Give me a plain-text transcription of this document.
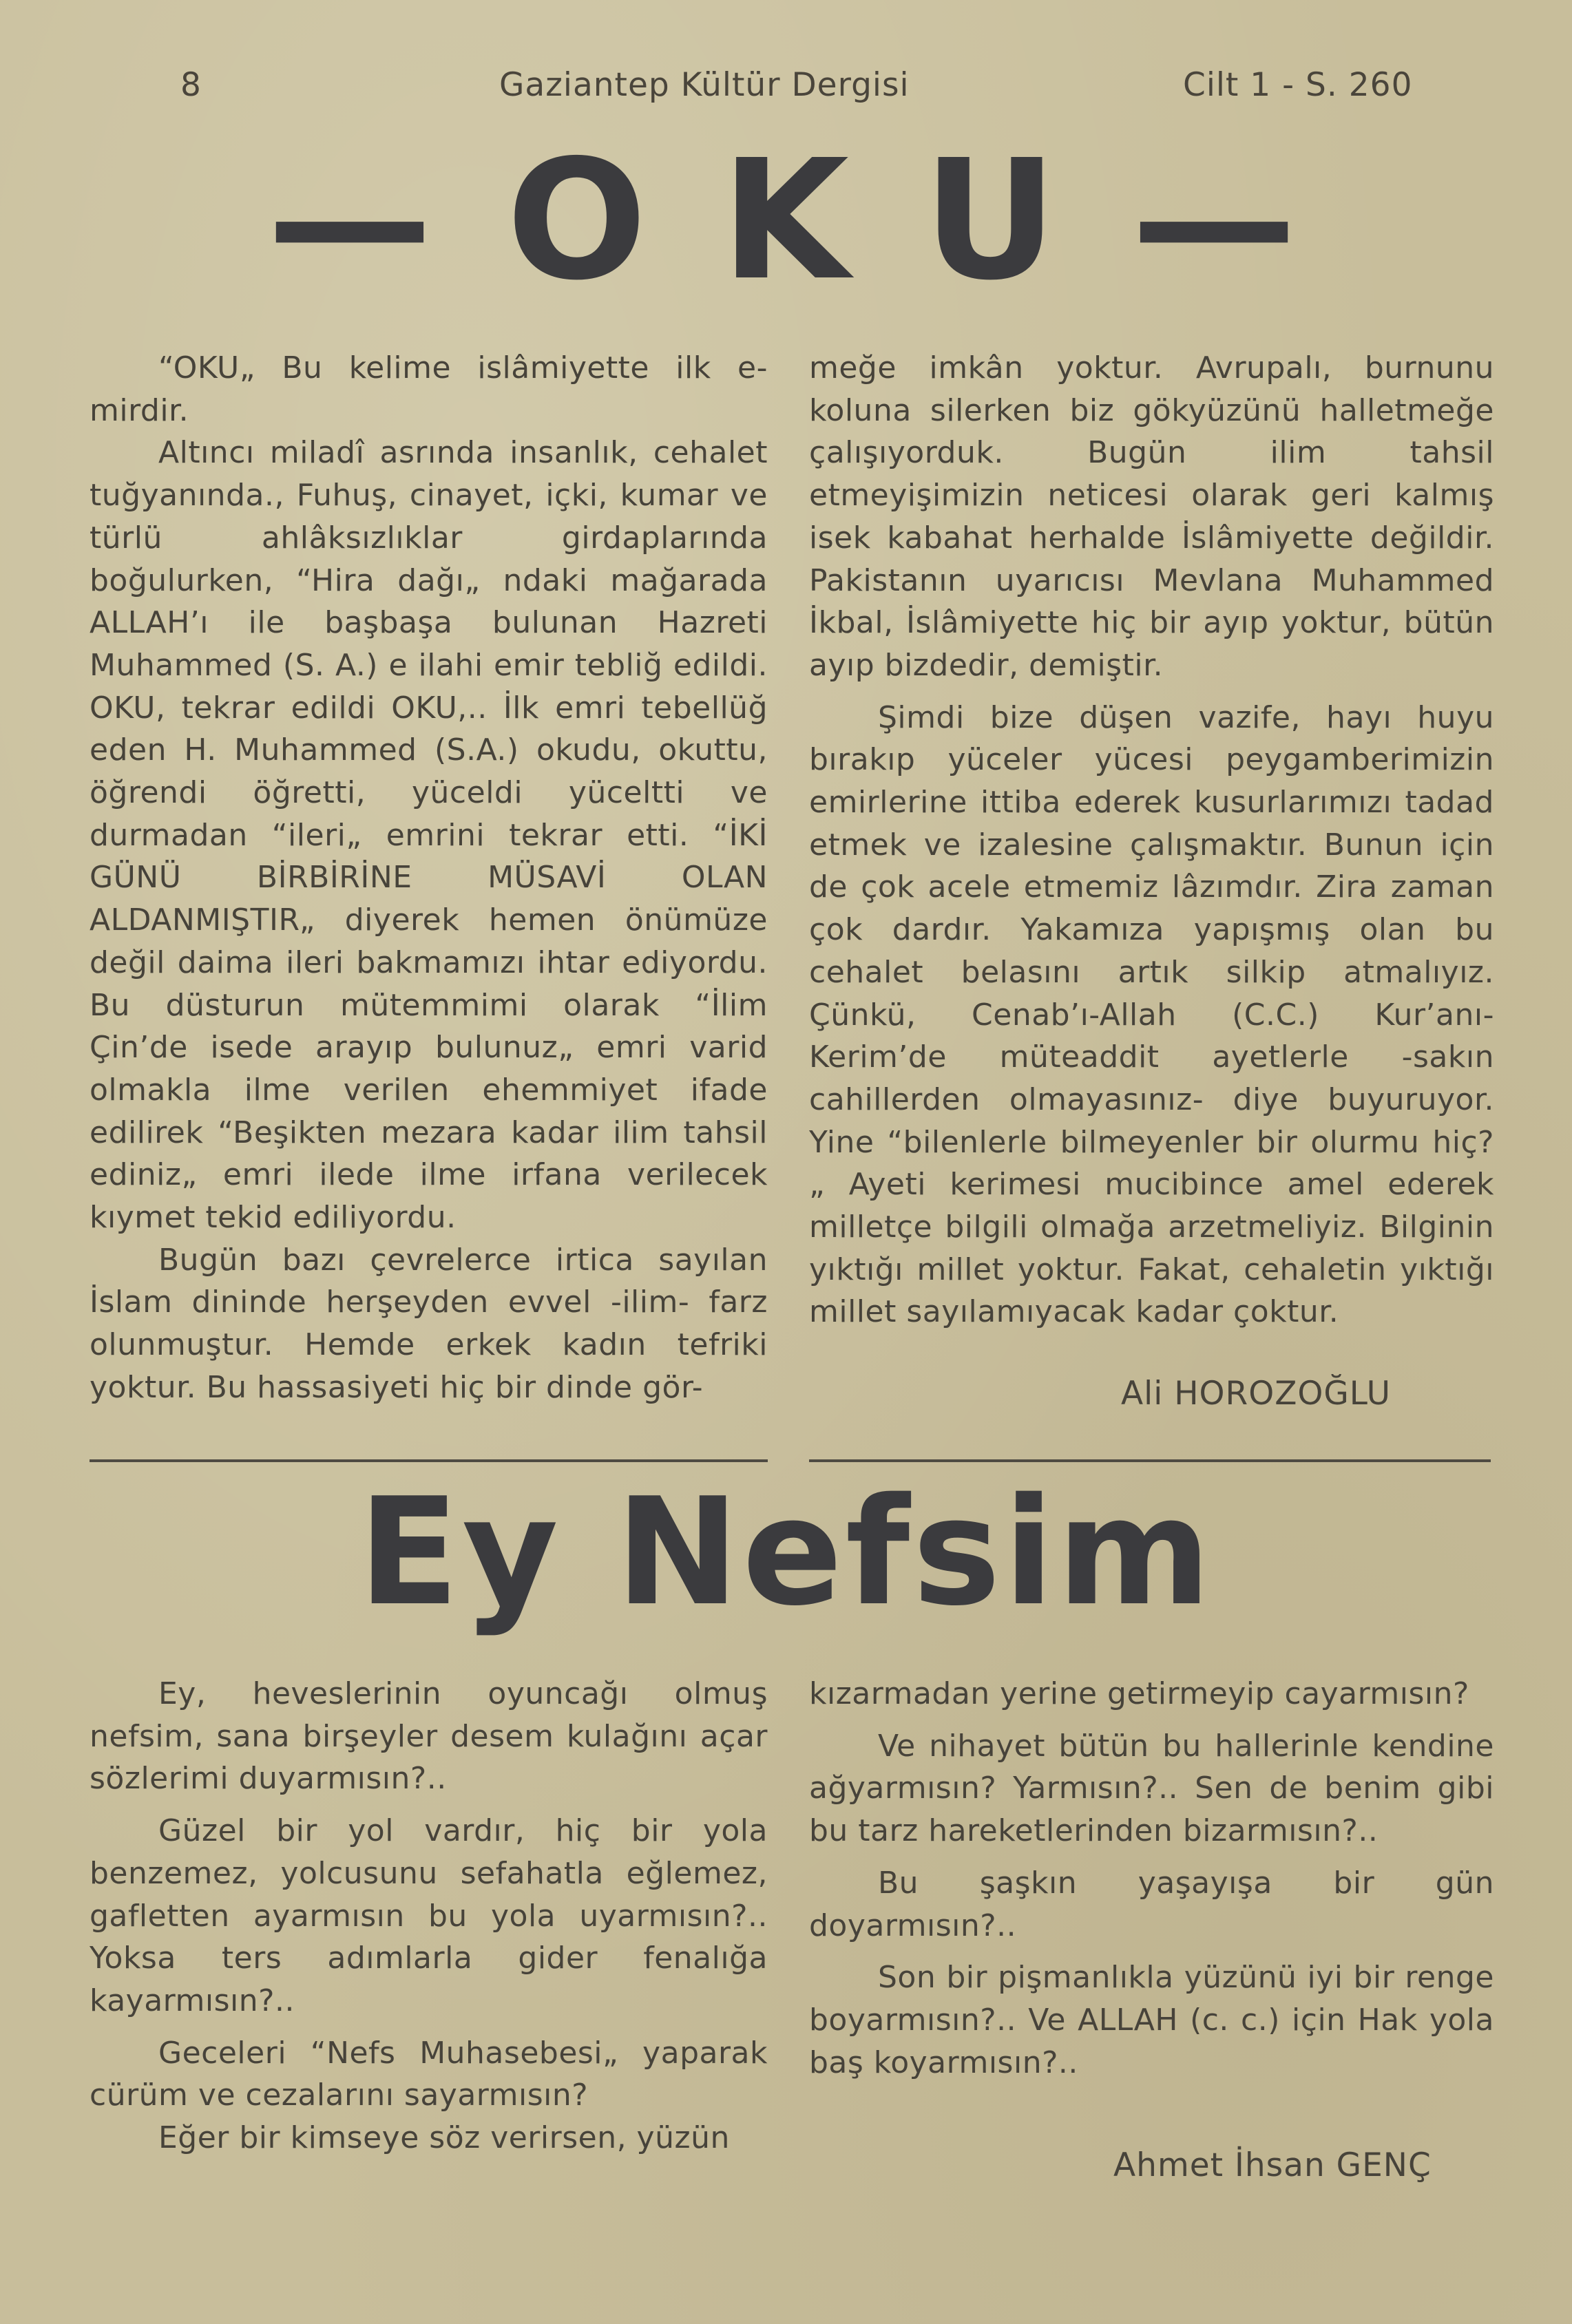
8	Gaziantep Kültür Dergisi	Cilt 1 - S. 260
— O K U —

“OKU„ Bu kelime islâmiyette ilk e-mirdir.

Altıncı miladî asrında insanlık, cehalet tuğyanında., Fuhuş, cinayet, içki, kumar ve türlü ahlâksızlıklar girdaplarında boğulurken, “Hira dağı„ ndaki mağarada ALLAH’ı ile başbaşa bulunan Hazreti Muhammed (S. A.) e ilahi emir tebliğ edildi. OKU, tekrar edildi OKU,.. İlk emri tebellüğ eden H. Muhammed (S.A.) okudu, okuttu, öğrendi öğretti, yüceldi yüceltti ve durmadan “ileri„ emrini tekrar etti. “İKİ GÜNÜ BİRBİRİNE MÜSAVİ OLAN ALDANMIŞTIR„ diyerek hemen önümüze değil daima ileri bakmamızı ihtar ediyordu. Bu düsturun mütemmimi olarak “İlim Çin’de isede arayıp bulunuz„ emri varid olmakla ilme verilen ehemmiyet ifade edilirek “Beşikten mezara kadar ilim tahsil ediniz„ emri ilede ilme irfana verilecek kıymet tekid ediliyordu.

Bugün bazı çevrelerce irtica sayılan İslam dininde herşeyden evvel -ilim- farz olunmuştur. Hemde erkek kadın tefriki yoktur. Bu hassasiyeti hiç bir dinde gör-

meğe imkân yoktur. Avrupalı, burnunu koluna silerken biz gökyüzünü halletmeğe çalışıyorduk. Bugün ilim tahsil etmeyişimizin neticesi olarak geri kalmış isek kabahat herhalde İslâmiyette değildir. Pakistanın uyarıcısı Mevlana Muhammed İkbal, İslâmiyette hiç bir ayıp yoktur, bütün ayıp bizdedir, demiştir.

Şimdi bize düşen vazife, hayı huyu bırakıp yüceler yücesi peygamberimizin emirlerine ittiba ederek kusurlarımızı tadad etmek ve izalesine çalışmaktır. Bunun için de çok acele etmemiz lâzımdır. Zira zaman çok dardır. Yakamıza yapışmış olan bu cehalet belasını artık silkip atmalıyız. Çünkü, Cenab’ı-Allah (C.C.) Kur’anı-Kerim’de müteaddit ayetlerle -sakın cahillerden olmayasınız- diye buyuruyor. Yine “bilenlerle bilmeyenler bir olurmu hiç?„ Ayeti kerimesi mucibince amel ederek milletçe bilgili olmağa arzetmeliyiz. Bilginin yıktığı millet yoktur. Fakat, cehaletin yıktığı millet sayılamıyacak kadar çoktur.

Ali HOROZOĞLU
Ey Nefsim

Ey, heveslerinin oyuncağı olmuş nefsim, sana birşeyler desem kulağını açar sözlerimi duyarmısın?..

Güzel bir yol vardır, hiç bir yola benzemez, yolcusunu sefahatla eğlemez, gafletten ayarmısın bu yola uyarmısın?.. Yoksa ters adımlarla gider fenalığa kayarmısın?..

Geceleri “Nefs Muhasebesi„ yaparak cürüm ve cezalarını sayarmısın?

Eğer bir kimseye söz verirsen, yüzün

kızarmadan yerine getirmeyip cayarmısın?

Ve nihayet bütün bu hallerinle kendine ağyarmısın? Yarmısın?.. Sen de benim gibi bu tarz hareketlerinden bizarmısın?..

Bu şaşkın yaşayışa bir gün doyarmısın?..

Son bir pişmanlıkla yüzünü iyi bir renge boyarmısın?.. Ve ALLAH (c. c.) için Hak yola baş koyarmısın?..

Ahmet İhsan GENÇ
